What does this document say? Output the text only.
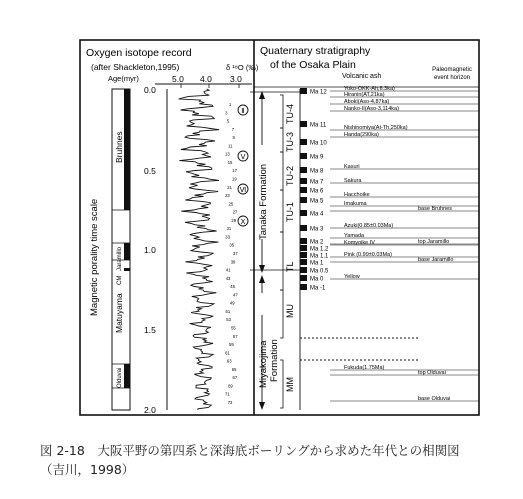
Oxygen isotope record
(after Shackleton,1995)	δ ¹⁸O (‰)
Age(myr)	5.0 4.0 3.0
Magnetic porality time scale
Bruhnes
Matuyama
Jaramillo
CM
Olduvai
0.0
0.5
1.0
1.5
2.0
1
3
5
7
9
11
13
15
17
19
21
23
25
27
29
31
33
35
37
39
41
43
45
47
49
51
53
55
57
59
61
63
65
67
69
71
73
Ⅱ
Ⅴ
Ⅵ
Ⅹ
Quaternary stratigraphy
of the Osaka Plain
Volcanic ash
Paleomagnetic
event horizon
Tanaka Formation
Miyakojima Formation
TU-4
TU-3
TU-2
TU-1
TL
MU
MM
Ma 12
Ma 11
Ma 10
Ma 9
Ma 8
Ma 7
Ma 6
Ma 5
Ma 4
Ma 3
Ma 2
Ma 1.2
Ma 1.1
Ma 1
Ma 0.5
Ma 0
Ma -1
Yoko-OKK-Ah,6.3ka)
Hiranin(AT,21ka)
Aboki(Aso-4,87ka)
Nanko-II(Aso-3,114ka)
Nishinomiya(At-Th,250ka)
Handa(290ka)
Kasuri
Sakura
Hacchoike
Imakuma
Azuki(0.85±0.03Ma)
Yamada
Komyoike IV
Pink (0.99±0.03Ma)
Yellow
Fukuda(1.75Ma)
base Bruhnes
top Jaramillo
base Jaramillo
top Olduvai
base Olduvai
図 2-18　大阪平野の第四系と深海底ボーリングから求めた年代との相関図
（吉川，1998）
